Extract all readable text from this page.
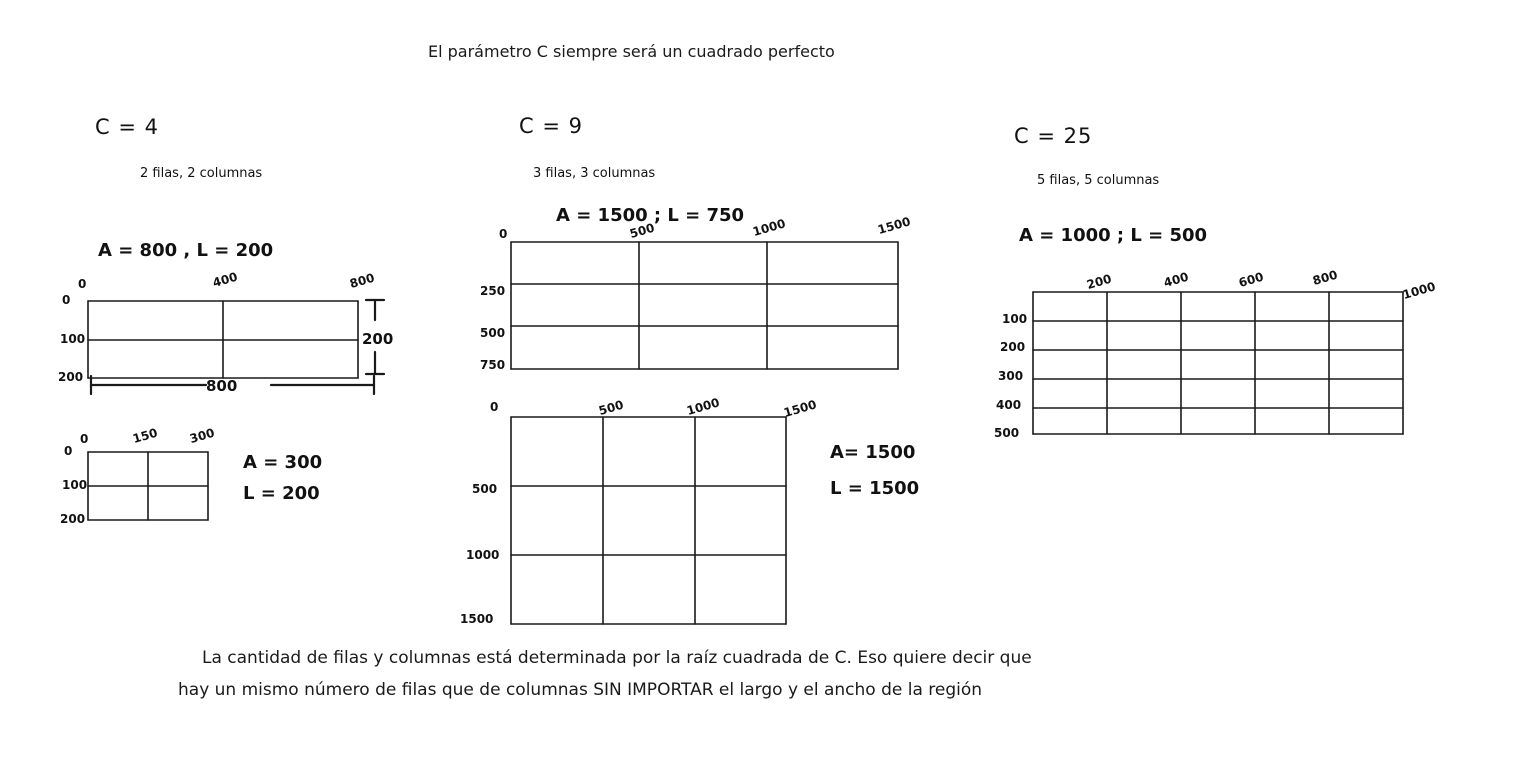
El parámetro C siempre será un cuadrado perfecto
C = 4
2 filas, 2 columnas
A = 800 , L = 200
0	400	800
0
100
200
200
800
0	150 300
0
100
200
A = 300
L = 200
C = 9
3 filas, 3 columnas
A = 1500 ; L = 750
0	500	1000	1500
250
500
750
0	500	1000	1500
500
1000
1500
A= 1500
L = 1500
C = 25
5 filas, 5 columnas
A = 1000 ; L = 500
200	400	600	800
1000
100
200
300
400
500
La cantidad de filas y columnas está determinada por la raíz cuadrada de C. Eso quiere decir que
hay un mismo número de filas que de columnas SIN IMPORTAR el largo y el ancho de la región
